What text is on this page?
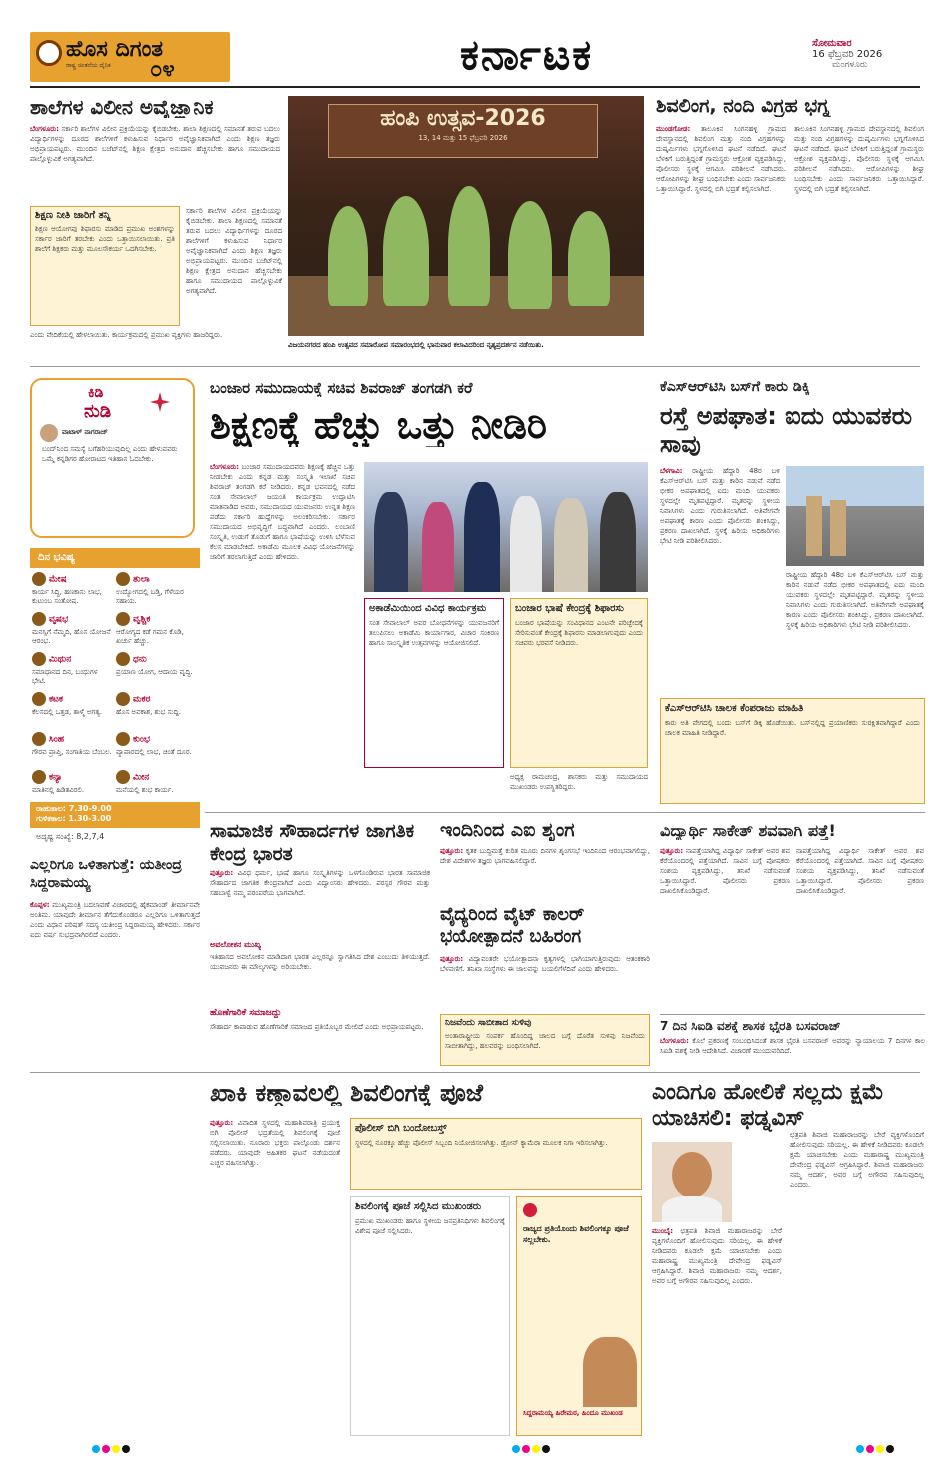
ಹೊಸ ದಿಗಂತ
ರಾಷ್ಟ್ರ ಚಿಂತನೆಯ ದೈನಿಕ ೦೪	ಕರ್ನಾಟಕ	ಸೋಮವಾರ
16 ಫೆಬ್ರವರಿ 2026
ಮಂಗಳೂರು
ಶಾಲೆಗಳ ವಿಲೀನ ಅವೈಜ್ಞಾನಿಕ
ಬೆಂಗಳೂರು: ಸರ್ಕಾರಿ ಶಾಲೆಗಳ ವಿಲೀನ ಪ್ರಕ್ರಿಯೆಯನ್ನು ಕೈಬಿಡಬೇಕು. ಶಾಲಾ ಶಿಕ್ಷಣದಲ್ಲಿ ಸಮಾನತೆ ತರುವ ಬದಲು ವಿದ್ಯಾರ್ಥಿಗಳನ್ನು ದೂರದ ಶಾಲೆಗಳಿಗೆ ಕಳುಹಿಸುವ ನಿರ್ಧಾರ ಅವೈಜ್ಞಾನಿಕವಾಗಿದೆ ಎಂದು ಶಿಕ್ಷಣ ತಜ್ಞರು ಅಭಿಪ್ರಾಯಪಟ್ಟರು. ಮುಂದಿನ ಬಜೆಟ್‌ನಲ್ಲಿ ಶಿಕ್ಷಣ ಕ್ಷೇತ್ರದ ಅನುದಾನ ಹೆಚ್ಚಿಸಬೇಕು ಹಾಗೂ ಸಮುದಾಯದ ಪಾಲ್ಗೊಳ್ಳುವಿಕೆ ಅಗತ್ಯವಾಗಿದೆ.
ಶಿಕ್ಷಣ ನೀತಿ ಜಾರಿಗೆ ತನ್ನಿ
ಶಿಕ್ಷಣ ಆಯೋಗವು ಶಿಫಾರಸು ಮಾಡಿದ ಪ್ರಮುಖ ಅಂಶಗಳನ್ನು ಸರ್ಕಾರ ಜಾರಿಗೆ ತರಬೇಕು ಎಂದು ಒತ್ತಾಯಿಸಲಾಯಿತು. ಪ್ರತಿ ಶಾಲೆಗೆ ಶಿಕ್ಷಕರು ಮತ್ತು ಮೂಲಸೌಕರ್ಯ ಒದಗಿಸಬೇಕು.
ಸರ್ಕಾರಿ ಶಾಲೆಗಳ ವಿಲೀನ ಪ್ರಕ್ರಿಯೆಯನ್ನು ಕೈಬಿಡಬೇಕು. ಶಾಲಾ ಶಿಕ್ಷಣದಲ್ಲಿ ಸಮಾನತೆ ತರುವ ಬದಲು ವಿದ್ಯಾರ್ಥಿಗಳನ್ನು ದೂರದ ಶಾಲೆಗಳಿಗೆ ಕಳುಹಿಸುವ ನಿರ್ಧಾರ ಅವೈಜ್ಞಾನಿಕವಾಗಿದೆ ಎಂದು ಶಿಕ್ಷಣ ತಜ್ಞರು ಅಭಿಪ್ರಾಯಪಟ್ಟರು. ಮುಂದಿನ ಬಜೆಟ್‌ನಲ್ಲಿ ಶಿಕ್ಷಣ ಕ್ಷೇತ್ರದ ಅನುದಾನ ಹೆಚ್ಚಿಸಬೇಕು ಹಾಗೂ ಸಮುದಾಯದ ಪಾಲ್ಗೊಳ್ಳುವಿಕೆ ಅಗತ್ಯವಾಗಿದೆ.
ಎಂದು ವೇದಿಕೆಯಲ್ಲಿ ಹೇಳಲಾಯಿತು. ಕಾರ್ಯಕ್ರಮದಲ್ಲಿ ಪ್ರಮುಖ ವ್ಯಕ್ತಿಗಳು ಹಾಜರಿದ್ದರು.
ಹಂಪಿ ಉತ್ಸವ-2026
13, 14 ಮತ್ತು 15 ಫೆಬ್ರವರಿ 2026
ವಿಜಯನಗರದ ಹಂಪಿ ಉತ್ಸವದ ಸಮಾರೋಪ ಸಮಾರಂಭದಲ್ಲಿ ಭಾನುವಾರ ಕಲಾವಿದರಿಂದ ನೃತ್ಯಪ್ರದರ್ಶನ ನಡೆಯಿತು.
ಶಿವಲಿಂಗ, ನಂದಿ ವಿಗ್ರಹ ಭಗ್ನ
ಮುಂಡಗೋಡ: ತಾಲೂಕಿನ ಸಿಂಗನಹಳ್ಳಿ ಗ್ರಾಮದ ದೇವಸ್ಥಾನದಲ್ಲಿ ಶಿವಲಿಂಗ ಮತ್ತು ನಂದಿ ವಿಗ್ರಹಗಳನ್ನು ದುಷ್ಕರ್ಮಿಗಳು ಭಗ್ನಗೊಳಿಸಿದ ಘಟನೆ ನಡೆದಿದೆ. ಘಟನೆ ಬೆಳಕಿಗೆ ಬರುತ್ತಿದ್ದಂತೆ ಗ್ರಾಮಸ್ಥರು ಆಕ್ರೋಶ ವ್ಯಕ್ತಪಡಿಸಿದ್ದು, ಪೊಲೀಸರು ಸ್ಥಳಕ್ಕೆ ಆಗಮಿಸಿ ಪರಿಶೀಲನೆ ನಡೆಸಿದರು. ಆರೋಪಿಗಳನ್ನು ಶೀಘ್ರ ಬಂಧಿಸಬೇಕು ಎಂದು ಸಾರ್ವಜನಿಕರು ಒತ್ತಾಯಿಸಿದ್ದಾರೆ. ಸ್ಥಳದಲ್ಲಿ ಬಿಗಿ ಭದ್ರತೆ ಕಲ್ಪಿಸಲಾಗಿದೆ.
ತಾಲೂಕಿನ ಸಿಂಗನಹಳ್ಳಿ ಗ್ರಾಮದ ದೇವಸ್ಥಾನದಲ್ಲಿ ಶಿವಲಿಂಗ ಮತ್ತು ನಂದಿ ವಿಗ್ರಹಗಳನ್ನು ದುಷ್ಕರ್ಮಿಗಳು ಭಗ್ನಗೊಳಿಸಿದ ಘಟನೆ ನಡೆದಿದೆ. ಘಟನೆ ಬೆಳಕಿಗೆ ಬರುತ್ತಿದ್ದಂತೆ ಗ್ರಾಮಸ್ಥರು ಆಕ್ರೋಶ ವ್ಯಕ್ತಪಡಿಸಿದ್ದು, ಪೊಲೀಸರು ಸ್ಥಳಕ್ಕೆ ಆಗಮಿಸಿ ಪರಿಶೀಲನೆ ನಡೆಸಿದರು. ಆರೋಪಿಗಳನ್ನು ಶೀಘ್ರ ಬಂಧಿಸಬೇಕು ಎಂದು ಸಾರ್ವಜನಿಕರು ಒತ್ತಾಯಿಸಿದ್ದಾರೆ. ಸ್ಥಳದಲ್ಲಿ ಬಿಗಿ ಭದ್ರತೆ ಕಲ್ಪಿಸಲಾಗಿದೆ.
ಕಿಡಿ
ನುಡಿ
ವಾಟಾಳ್ ನಾಗರಾಜ್
ಬಂದ್‌ನಿಂದ ಸಮಸ್ಯೆ ಬಗೆಹರಿಯುವುದಿಲ್ಲ ಎಂದು ಹೇಳುವವರು ಒಮ್ಮೆ ಕನ್ನಡಿಗರ ಹೋರಾಟದ ಇತಿಹಾಸ ಓದಬೇಕು.
ದಿನ ಭವಿಷ್ಯ
ಮೇಷ
ಕಾರ್ಯ ಸಿದ್ಧಿ, ಹಣಕಾಸು ಲಾಭ, ಕುಟುಂಬ ಸಂತೋಷ.
ತುಲಾ
ಉದ್ಯೋಗದಲ್ಲಿ ಬಡ್ತಿ, ಗೆಳೆಯರ ಸಹಾಯ.
ವೃಷಭ
ಮನಸ್ಸಿಗೆ ನೆಮ್ಮದಿ, ಹೊಸ ಯೋಜನೆ ಆರಂಭ.
ವೃಶ್ಚಿಕ
ಆರೋಗ್ಯದ ಕಡೆ ಗಮನ ಕೊಡಿ, ಖರ್ಚು ಹೆಚ್ಚು.
ಮಿಥುನ
ಸಮಾಧಾನದ ದಿನ, ಬಂಧುಗಳ ಭೇಟಿ.
ಧನು
ಪ್ರಯಾಣ ಯೋಗ, ಆದಾಯ ವೃದ್ಧಿ.
ಕಟಕ
ಕೆಲಸದಲ್ಲಿ ಒತ್ತಡ, ತಾಳ್ಮೆ ಅಗತ್ಯ.
ಮಕರ
ಹೊಸ ಅವಕಾಶ, ಶುಭ ಸುದ್ದಿ.
ಸಿಂಹ
ಗೌರವ ಪ್ರಾಪ್ತಿ, ಸಂಗಾತಿಯ ಬೆಂಬಲ.
ಕುಂಭ
ವ್ಯಾಪಾರದಲ್ಲಿ ಲಾಭ, ಚಿಂತೆ ದೂರ.
ಕನ್ಯಾ
ಮಾತಿನಲ್ಲಿ ಹಿಡಿತವಿರಲಿ.
ಮೀನ
ಮನೆಯಲ್ಲಿ ಶುಭ ಕಾರ್ಯ.
ರಾಹುಕಾಲ: 7.30-9.00
ಗುಳಿಕಕಾಲ: 1.30-3.00
ಅದೃಷ್ಟ ಸಂಖ್ಯೆ: 8,2,7,4
ಬಂಜಾರ ಸಮುದಾಯಕ್ಕೆ ಸಚಿವ ಶಿವರಾಜ್ ತಂಗಡಗಿ ಕರೆ
ಶಿಕ್ಷಣಕ್ಕೆ ಹೆಚ್ಚು ಒತ್ತು ನೀಡಿರಿ
ಬೆಂಗಳೂರು: ಬಂಜಾರ ಸಮುದಾಯದವರು ಶಿಕ್ಷಣಕ್ಕೆ ಹೆಚ್ಚಿನ ಒತ್ತು ನೀಡಬೇಕು ಎಂದು ಕನ್ನಡ ಮತ್ತು ಸಂಸ್ಕೃತಿ ಇಲಾಖೆ ಸಚಿವ ಶಿವರಾಜ್ ತಂಗಡಗಿ ಕರೆ ನೀಡಿದರು. ಕನ್ನಡ ಭವನದಲ್ಲಿ ನಡೆದ ಸಂತ ಸೇವಾಲಾಲ್ ಜಯಂತಿ ಕಾರ್ಯಕ್ರಮ ಉದ್ಘಾಟಿಸಿ ಮಾತನಾಡಿದ ಅವರು, ಸಮುದಾಯದ ಯುವಜನರು ಉನ್ನತ ಶಿಕ್ಷಣ ಪಡೆದು ಸರ್ಕಾರಿ ಹುದ್ದೆಗಳನ್ನು ಅಲಂಕರಿಸಬೇಕು. ಸರ್ಕಾರ ಸಮುದಾಯದ ಅಭಿವೃದ್ಧಿಗೆ ಬದ್ಧವಾಗಿದೆ ಎಂದರು. ಲಂಬಾಣಿ ಸಂಸ್ಕೃತಿ, ಉಡುಗೆ ತೊಡುಗೆ ಹಾಗೂ ಭಾಷೆಯನ್ನು ಉಳಿಸಿ ಬೆಳೆಸುವ ಕೆಲಸ ಮಾಡಬೇಕಿದೆ. ಅಕಾಡೆಮಿ ಮೂಲಕ ವಿವಿಧ ಯೋಜನೆಗಳನ್ನು ಜಾರಿಗೆ ತರಲಾಗುತ್ತಿದೆ ಎಂದು ಹೇಳಿದರು.
ಅಕಾಡೆಮಿಯಿಂದ ವಿವಿಧ ಕಾರ್ಯಕ್ರಮ
ಸಂತ ಸೇವಾಲಾಲ್ ಅವರ ಬೋಧನೆಗಳನ್ನು ಯುವಜನರಿಗೆ ತಲುಪಿಸಲು ಅಕಾಡೆಮಿ ಕಾರ್ಯಾಗಾರ, ವಿಚಾರ ಸಂಕಿರಣ ಹಾಗೂ ಸಾಂಸ್ಕೃತಿಕ ಉತ್ಸವಗಳನ್ನು ಆಯೋಜಿಸಲಿದೆ.
ಬಂಜಾರ ಭಾಷೆ ಕೇಂದ್ರಕ್ಕೆ ಶಿಫಾರಸು
ಬಂಜಾರ ಭಾಷೆಯನ್ನು ಸಂವಿಧಾನದ ಎಂಟನೇ ಪರಿಚ್ಛೇದಕ್ಕೆ ಸೇರಿಸುವಂತೆ ಕೇಂದ್ರಕ್ಕೆ ಶಿಫಾರಸು ಮಾಡಲಾಗುವುದು ಎಂದು ಸಚಿವರು ಭರವಸೆ ನೀಡಿದರು.
ಅಧ್ಯಕ್ಷ ರಾಮಚಂದ್ರ, ಶಾಸಕರು ಮತ್ತು ಸಮುದಾಯದ ಮುಖಂಡರು ಉಪಸ್ಥಿತರಿದ್ದರು.
ಕೆಎಸ್‌ಆರ್‌ಟಿಸಿ ಬಸ್‌ಗೆ ಕಾರು ಡಿಕ್ಕಿ
ರಸ್ತೆ ಅಪಘಾತ: ಐದು ಯುವಕರು ಸಾವು
ಬೆಳಗಾವಿ: ರಾಷ್ಟ್ರೀಯ ಹೆದ್ದಾರಿ 48ರ ಬಳಿ ಕೆಎಸ್‌ಆರ್‌ಟಿಸಿ ಬಸ್ ಮತ್ತು ಕಾರಿನ ನಡುವೆ ನಡೆದ ಭೀಕರ ಅಪಘಾತದಲ್ಲಿ ಐದು ಮಂದಿ ಯುವಕರು ಸ್ಥಳದಲ್ಲೇ ಮೃತಪಟ್ಟಿದ್ದಾರೆ. ಮೃತರನ್ನು ಸ್ಥಳೀಯ ನಿವಾಸಿಗಳು ಎಂದು ಗುರುತಿಸಲಾಗಿದೆ. ಅತಿವೇಗವೇ ಅಪಘಾತಕ್ಕೆ ಕಾರಣ ಎಂದು ಪೊಲೀಸರು ಶಂಕಿಸಿದ್ದು, ಪ್ರಕರಣ ದಾಖಲಾಗಿದೆ. ಸ್ಥಳಕ್ಕೆ ಹಿರಿಯ ಅಧಿಕಾರಿಗಳು ಭೇಟಿ ನೀಡಿ ಪರಿಶೀಲಿಸಿದರು.
ರಾಷ್ಟ್ರೀಯ ಹೆದ್ದಾರಿ 48ರ ಬಳಿ ಕೆಎಸ್‌ಆರ್‌ಟಿಸಿ ಬಸ್ ಮತ್ತು ಕಾರಿನ ನಡುವೆ ನಡೆದ ಭೀಕರ ಅಪಘಾತದಲ್ಲಿ ಐದು ಮಂದಿ ಯುವಕರು ಸ್ಥಳದಲ್ಲೇ ಮೃತಪಟ್ಟಿದ್ದಾರೆ. ಮೃತರನ್ನು ಸ್ಥಳೀಯ ನಿವಾಸಿಗಳು ಎಂದು ಗುರುತಿಸಲಾಗಿದೆ. ಅತಿವೇಗವೇ ಅಪಘಾತಕ್ಕೆ ಕಾರಣ ಎಂದು ಪೊಲೀಸರು ಶಂಕಿಸಿದ್ದು, ಪ್ರಕರಣ ದಾಖಲಾಗಿದೆ. ಸ್ಥಳಕ್ಕೆ ಹಿರಿಯ ಅಧಿಕಾರಿಗಳು ಭೇಟಿ ನೀಡಿ ಪರಿಶೀಲಿಸಿದರು.
ಕೆಎಸ್‌ಆರ್‌ಟಿಸಿ ಚಾಲಕ ಕೆಂಪರಾಜು ಮಾಹಿತಿ
ಕಾರು ಅತಿ ವೇಗದಲ್ಲಿ ಬಂದು ಬಸ್‌ಗೆ ಡಿಕ್ಕಿ ಹೊಡೆಯಿತು. ಬಸ್‌ನಲ್ಲಿದ್ದ ಪ್ರಯಾಣಿಕರು ಸುರಕ್ಷಿತವಾಗಿದ್ದಾರೆ ಎಂದು ಚಾಲಕ ಮಾಹಿತಿ ನೀಡಿದ್ದಾರೆ.
ಸಾಮಾಜಿಕ ಸೌಹಾರ್ದಗಳ ಜಾಗತಿಕ ಕೇಂದ್ರ ಭಾರತ
ಪುತ್ತೂರು: ವಿವಿಧ ಧರ್ಮ, ಭಾಷೆ ಹಾಗೂ ಸಂಸ್ಕೃತಿಗಳನ್ನು ಒಳಗೊಂಡಿರುವ ಭಾರತ ಸಾಮಾಜಿಕ ಸೌಹಾರ್ದದ ಜಾಗತಿಕ ಕೇಂದ್ರವಾಗಿದೆ ಎಂದು ವಿದ್ವಾಂಸರು ಹೇಳಿದರು. ಪರಸ್ಪರ ಗೌರವ ಮತ್ತು ಸಹಬಾಳ್ವೆ ನಮ್ಮ ಪರಂಪರೆಯ ಭಾಗವಾಗಿದೆ.
ಅವಲೋಕನ ಮುಖ್ಯ
ಇತಿಹಾಸದ ಅವಲೋಕನ ಮಾಡಿದಾಗ ಭಾರತ ಎಲ್ಲರನ್ನೂ ಸ್ವಾಗತಿಸಿದ ದೇಶ ಎಂಬುದು ತಿಳಿಯುತ್ತದೆ. ಯುವಜನರು ಈ ಮೌಲ್ಯಗಳನ್ನು ಅರಿಯಬೇಕು.
ಹೊಣೆಗಾರಿಕೆ ಸಮಾಜದ್ದು
ಸೌಹಾರ್ದ ಕಾಪಾಡುವ ಹೊಣೆಗಾರಿಕೆ ಸಮಾಜದ ಪ್ರತಿಯೊಬ್ಬರ ಮೇಲಿದೆ ಎಂದು ಅಭಿಪ್ರಾಯಪಟ್ಟರು.
ಇಂದಿನಿಂದ ಎಐ ಶೃಂಗ
ಪುತ್ತೂರು: ಕೃತಕ ಬುದ್ಧಿಮತ್ತೆ ಕುರಿತ ಮೂರು ದಿನಗಳ ಶೃಂಗಸಭೆ ಇಂದಿನಿಂದ ಆರಂಭವಾಗಲಿದ್ದು, ದೇಶ ವಿದೇಶಗಳ ತಜ್ಞರು ಭಾಗವಹಿಸಲಿದ್ದಾರೆ.
ವೈದ್ಯರಿಂದ ವೈಟ್ ಕಾಲರ್ ಭಯೋತ್ಪಾದನೆ ಬಹಿರಂಗ
ಪುತ್ತೂರು: ವಿದ್ಯಾವಂತರೇ ಭಯೋತ್ಪಾದನಾ ಕೃತ್ಯಗಳಲ್ಲಿ ಭಾಗಿಯಾಗುತ್ತಿರುವುದು ಆತಂಕಕಾರಿ ಬೆಳವಣಿಗೆ. ತನಿಖಾ ಸಂಸ್ಥೆಗಳು ಈ ಜಾಲವನ್ನು ಬಯಲಿಗೆಳೆದಿವೆ ಎಂದು ಹೇಳಿದರು.
ನಿಜವೆಂದು ಸಾಬೀತಾದ ಸುಳಿವು
ಅಂತಾರಾಷ್ಟ್ರೀಯ ಸಂಪರ್ಕ ಹೊಂದಿದ್ದ ಜಾಲದ ಬಗ್ಗೆ ದೊರೆತ ಸುಳಿವು ನಿಜವೆಂದು ಸಾಬೀತಾಗಿದ್ದು, ಹಲವರನ್ನು ಬಂಧಿಸಲಾಗಿದೆ.
ವಿದ್ಯಾರ್ಥಿ ಸಾಕೇತ್ ಶವವಾಗಿ ಪತ್ತೆ!
ಪುತ್ತೂರು: ನಾಪತ್ತೆಯಾಗಿದ್ದ ವಿದ್ಯಾರ್ಥಿ ಸಾಕೇತ್ ಅವರ ಶವ ಕೆರೆಯೊಂದರಲ್ಲಿ ಪತ್ತೆಯಾಗಿದೆ. ಸಾವಿನ ಬಗ್ಗೆ ಪೋಷಕರು ಸಂಶಯ ವ್ಯಕ್ತಪಡಿಸಿದ್ದು, ತನಿಖೆ ನಡೆಸುವಂತೆ ಒತ್ತಾಯಿಸಿದ್ದಾರೆ. ಪೊಲೀಸರು ಪ್ರಕರಣ ದಾಖಲಿಸಿಕೊಂಡಿದ್ದಾರೆ.
ನಾಪತ್ತೆಯಾಗಿದ್ದ ವಿದ್ಯಾರ್ಥಿ ಸಾಕೇತ್ ಅವರ ಶವ ಕೆರೆಯೊಂದರಲ್ಲಿ ಪತ್ತೆಯಾಗಿದೆ. ಸಾವಿನ ಬಗ್ಗೆ ಪೋಷಕರು ಸಂಶಯ ವ್ಯಕ್ತಪಡಿಸಿದ್ದು, ತನಿಖೆ ನಡೆಸುವಂತೆ ಒತ್ತಾಯಿಸಿದ್ದಾರೆ. ಪೊಲೀಸರು ಪ್ರಕರಣ ದಾಖಲಿಸಿಕೊಂಡಿದ್ದಾರೆ.
7 ದಿನ ಸಿಐಡಿ ವಶಕ್ಕೆ ಶಾಸಕ ಭೈರತಿ ಬಸವರಾಜ್
ಬೆಂಗಳೂರು: ಕೊಲೆ ಪ್ರಕರಣಕ್ಕೆ ಸಂಬಂಧಿಸಿದಂತೆ ಶಾಸಕ ಭೈರತಿ ಬಸವರಾಜ್ ಅವರನ್ನು ನ್ಯಾಯಾಲಯ 7 ದಿನಗಳ ಕಾಲ ಸಿಐಡಿ ವಶಕ್ಕೆ ನೀಡಿ ಆದೇಶಿಸಿದೆ. ವಿಚಾರಣೆ ಮುಂದುವರಿದಿದೆ.
ಎಲ್ಲರಿಗೂ ಒಳಿತಾಗುತ್ತೆ: ಯತೀಂದ್ರ ಸಿದ್ದರಾಮಯ್ಯ
ಕೊಪ್ಪಳ: ಮುಖ್ಯಮಂತ್ರಿ ಬದಲಾವಣೆ ವಿಚಾರದಲ್ಲಿ ಹೈಕಮಾಂಡ್ ತೀರ್ಮಾನವೇ ಅಂತಿಮ. ಯಾವುದೇ ತೀರ್ಮಾನ ತೆಗೆದುಕೊಂಡರೂ ಎಲ್ಲರಿಗೂ ಒಳಿತಾಗುತ್ತದೆ ಎಂದು ವಿಧಾನ ಪರಿಷತ್ ಸದಸ್ಯ ಯತೀಂದ್ರ ಸಿದ್ದರಾಮಯ್ಯ ಹೇಳಿದರು. ಸರ್ಕಾರ ಐದು ವರ್ಷ ಸುಭದ್ರವಾಗಿರಲಿದೆ ಎಂದರು.
ಖಾಕಿ ಕಣ್ಗಾವಲಲ್ಲಿ ಶಿವಲಿಂಗಕ್ಕೆ ಪೂಜೆ
ಪುತ್ತೂರು: ವಿವಾದಿತ ಸ್ಥಳದಲ್ಲಿ ಮಹಾಶಿವರಾತ್ರಿ ಪ್ರಯುಕ್ತ ಬಿಗಿ ಪೊಲೀಸ್ ಭದ್ರತೆಯಲ್ಲಿ ಶಿವಲಿಂಗಕ್ಕೆ ಪೂಜೆ ಸಲ್ಲಿಸಲಾಯಿತು. ನೂರಾರು ಭಕ್ತರು ಪಾಲ್ಗೊಂಡು ದರ್ಶನ ಪಡೆದರು. ಯಾವುದೇ ಅಹಿತಕರ ಘಟನೆ ನಡೆಯದಂತೆ ಎಚ್ಚರ ವಹಿಸಲಾಗಿತ್ತು.
ಪೊಲೀಸ್ ಬಿಗಿ ಬಂದೋಬಸ್ತ್
ಸ್ಥಳದಲ್ಲಿ ನೂರಕ್ಕೂ ಹೆಚ್ಚು ಪೊಲೀಸ್ ಸಿಬ್ಬಂದಿ ನಿಯೋಜಿಸಲಾಗಿತ್ತು. ಡ್ರೋನ್ ಕ್ಯಾಮೆರಾ ಮೂಲಕ ನಿಗಾ ಇರಿಸಲಾಗಿತ್ತು.
ಶಿವಲಿಂಗಕ್ಕೆ ಪೂಜೆ ಸಲ್ಲಿಸಿದ ಮುಖಂಡರು
ಪ್ರಮುಖ ಮುಖಂಡರು ಹಾಗೂ ಸ್ಥಳೀಯ ಜನಪ್ರತಿನಿಧಿಗಳು ಶಿವಲಿಂಗಕ್ಕೆ ವಿಶೇಷ ಪೂಜೆ ಸಲ್ಲಿಸಿದರು.	ರಾಜ್ಯದ ಪ್ರತಿಯೊಂದು ಶಿವಲಿಂಗಕ್ಕೂ ಪೂಜೆ ಸಲ್ಲಬೇಕು.
ಸಿದ್ದರಾಮಯ್ಯ ಹಿರೇಮಠ, ಹಿಂದೂ ಮುಖಂಡ
ಎಂದಿಗೂ ಹೋಲಿಕೆ ಸಲ್ಲದು ಕ್ಷಮೆ ಯಾಚಿಸಲಿ: ಫಡ್ನವಿಸ್
ಮುಂಬೈ: ಛತ್ರಪತಿ ಶಿವಾಜಿ ಮಹಾರಾಜರನ್ನು ಬೇರೆ ವ್ಯಕ್ತಿಗಳೊಂದಿಗೆ ಹೋಲಿಸುವುದು ಸರಿಯಲ್ಲ. ಈ ಹೇಳಿಕೆ ನೀಡಿದವರು ಕೂಡಲೇ ಕ್ಷಮೆ ಯಾಚಿಸಬೇಕು ಎಂದು ಮಹಾರಾಷ್ಟ್ರ ಮುಖ್ಯಮಂತ್ರಿ ದೇವೇಂದ್ರ ಫಡ್ನವಿಸ್ ಆಗ್ರಹಿಸಿದ್ದಾರೆ. ಶಿವಾಜಿ ಮಹಾರಾಜರು ನಮ್ಮ ಆದರ್ಶ, ಅವರ ಬಗ್ಗೆ ಅಗೌರವ ಸಹಿಸುವುದಿಲ್ಲ ಎಂದರು.
ಛತ್ರಪತಿ ಶಿವಾಜಿ ಮಹಾರಾಜರನ್ನು ಬೇರೆ ವ್ಯಕ್ತಿಗಳೊಂದಿಗೆ ಹೋಲಿಸುವುದು ಸರಿಯಲ್ಲ. ಈ ಹೇಳಿಕೆ ನೀಡಿದವರು ಕೂಡಲೇ ಕ್ಷಮೆ ಯಾಚಿಸಬೇಕು ಎಂದು ಮಹಾರಾಷ್ಟ್ರ ಮುಖ್ಯಮಂತ್ರಿ ದೇವೇಂದ್ರ ಫಡ್ನವಿಸ್ ಆಗ್ರಹಿಸಿದ್ದಾರೆ. ಶಿವಾಜಿ ಮಹಾರಾಜರು ನಮ್ಮ ಆದರ್ಶ, ಅವರ ಬಗ್ಗೆ ಅಗೌರವ ಸಹಿಸುವುದಿಲ್ಲ ಎಂದರು.
